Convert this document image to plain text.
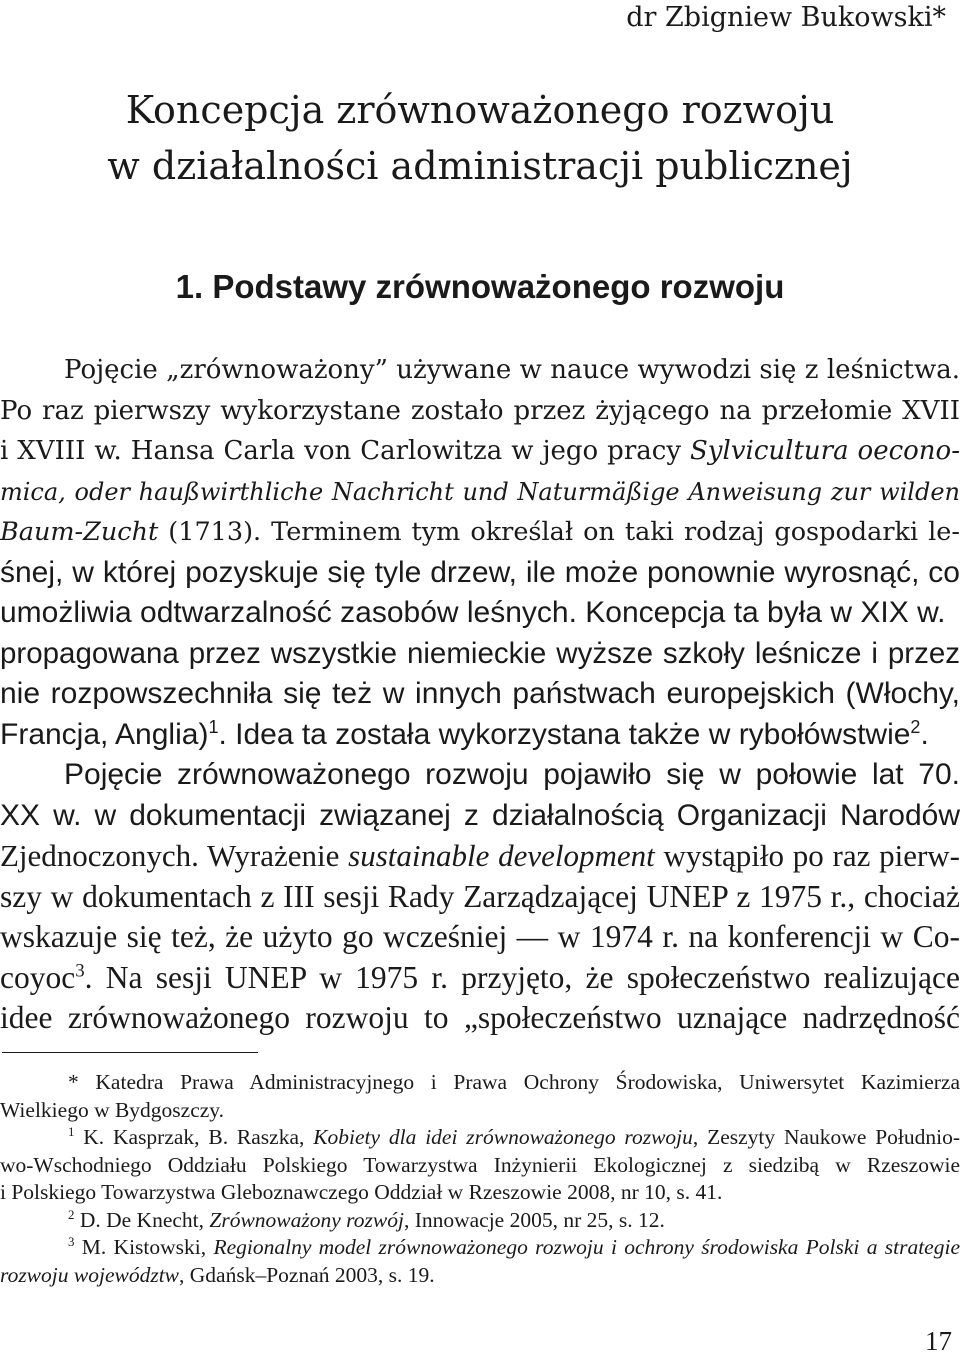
dr Zbigniew Bukowski*
Koncepcja zrównoważonego rozwoju
w działalności administracji publicznej
1. Podstawy zrównoważonego rozwoju
Pojęcie „zrównoważony” używane w nauce wywodzi się z leśnictwa.
Po raz pierwszy wykorzystane zostało przez żyjącego na przełomie XVII
i XVIII w. Hansa Carla von Carlowitza w jego pracy Sylvicultura oecono-
mica, oder haußwirthliche Nachricht und Naturmäßige Anweisung zur wilden
Baum-Zucht (1713). Terminem tym określał on taki rodzaj gospodarki le-
śnej, w której pozyskuje się tyle drzew, ile może ponownie wyrosnąć, co
umożliwia odtwarzalność zasobów leśnych. Koncepcja ta była w XIX w.
propagowana przez wszystkie niemieckie wyższe szkoły leśnicze i przez
nie rozpowszechniła się też w innych państwach europejskich (Włochy,
Francja, Anglia)$^1$. Idea ta została wykorzystana także w rybołówstwie$^2$.
Pojęcie zrównoważonego rozwoju pojawiło się w połowie lat 70.
XX w. w dokumentacji związanej z działalnością Organizacji Narodów
Zjednoczonych. Wyrażenie sustainable development wystąpiło po raz pierw-
szy w dokumentach z III sesji Rady Zarządzającej UNEP z 1975 r., chociaż
wskazuje się też, że użyto go wcześniej — w 1974 r. na konferencji w Co-
coyoc$^3$. Na sesji UNEP w 1975 r. przyjęto, że społeczeństwo realizujące
idee zrównoważonego rozwoju to „społeczeństwo uznające nadrzędność
* Katedra Prawa Administracyjnego i Prawa Ochrony Środowiska, Uniwersytet Kazimierza
Wielkiego w Bydgoszczy.
$^1$ K. Kasprzak, B. Raszka, Kobiety dla idei zrównoważonego rozwoju, Zeszyty Naukowe Południo-
wo-Wschodniego Oddziału Polskiego Towarzystwa Inżynierii Ekologicznej z siedzibą w Rzeszowie
i Polskiego Towarzystwa Gleboznawczego Oddział w Rzeszowie 2008, nr 10, s. 41.
$^2$ D. De Knecht, Zrównoważony rozwój, Innowacje 2005, nr 25, s. 12.
$^3$ M. Kistowski, Regionalny model zrównoważonego rozwoju i ochrony środowiska Polski a strategie
rozwoju województw, Gdańsk–Poznań 2003, s. 19.
17
